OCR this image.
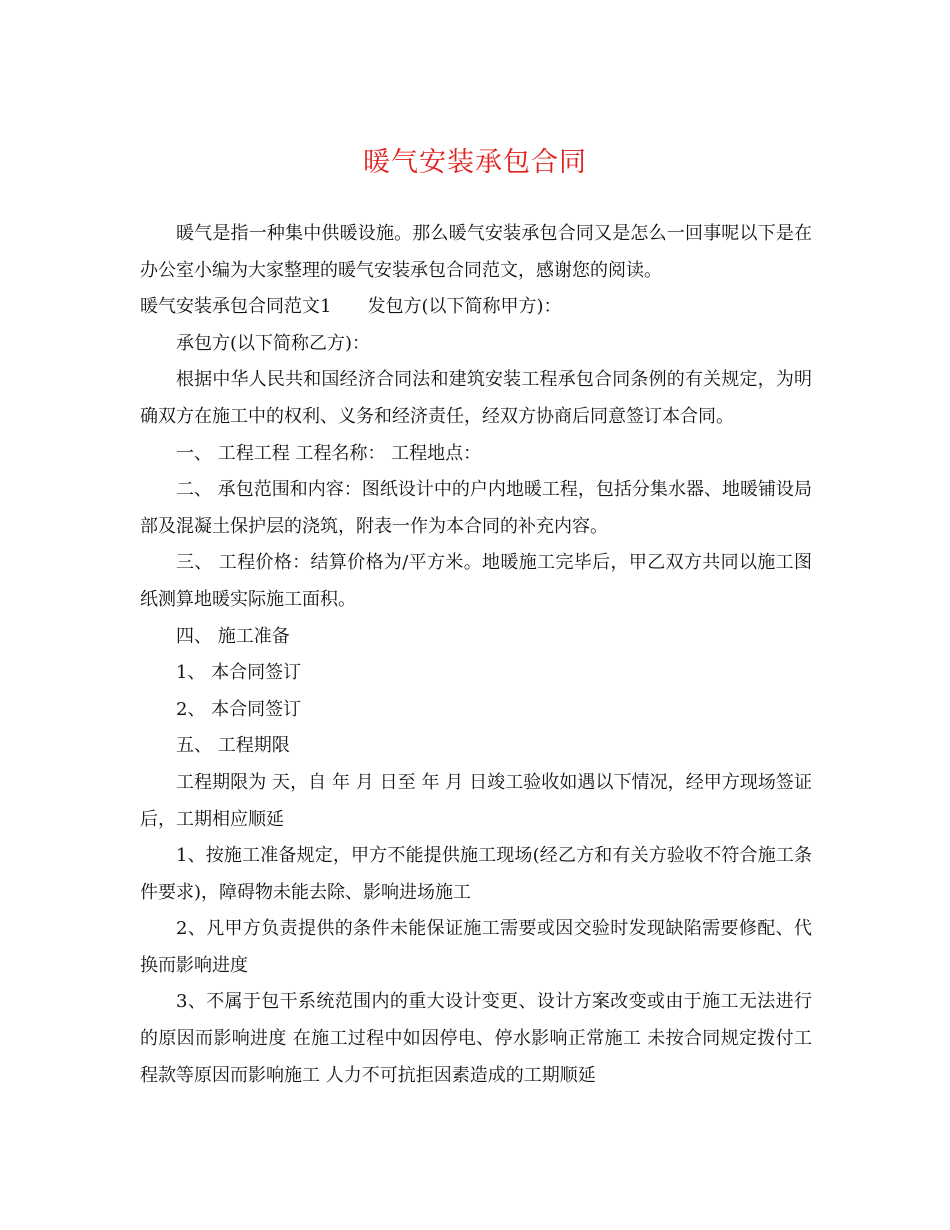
暖气安装承包合同

暖气是指一种集中供暖设施。那么暖气安装承包合同又是怎么一回事呢以下是在办公室小编为大家整理的暖气安装承包合同范文，感谢您的阅读。

暖气安装承包合同范文1 发包方(以下简称甲方)：

承包方(以下简称乙方)：

根据中华人民共和国经济合同法和建筑安装工程承包合同条例的有关规定，为明确双方在施工中的权利、义务和经济责任，经双方协商后同意签订本合同。

一、 工程工程 工程名称： 工程地点：

二、 承包范围和内容：图纸设计中的户内地暖工程，包括分集水器、地暖铺设局部及混凝土保护层的浇筑，附表一作为本合同的补充内容。

三、 工程价格：结算价格为/平方米。地暖施工完毕后，甲乙双方共同以施工图纸测算地暖实际施工面积。

四、 施工准备

1、 本合同签订

2、 本合同签订

五、 工程期限

工程期限为 天，自 年 月 日至 年 月 日竣工验收如遇以下情况，经甲方现场签证后，工期相应顺延

1、按施工准备规定，甲方不能提供施工现场(经乙方和有关方验收不符合施工条件要求)，障碍物未能去除、影响进场施工

2、凡甲方负责提供的条件未能保证施工需要或因交验时发现缺陷需要修配、代换而影响进度

3、不属于包干系统范围内的重大设计变更、设计方案改变或由于施工无法进行的原因而影响进度 在施工过程中如因停电、停水影响正常施工 未按合同规定拨付工程款等原因而影响施工 人力不可抗拒因素造成的工期顺延
